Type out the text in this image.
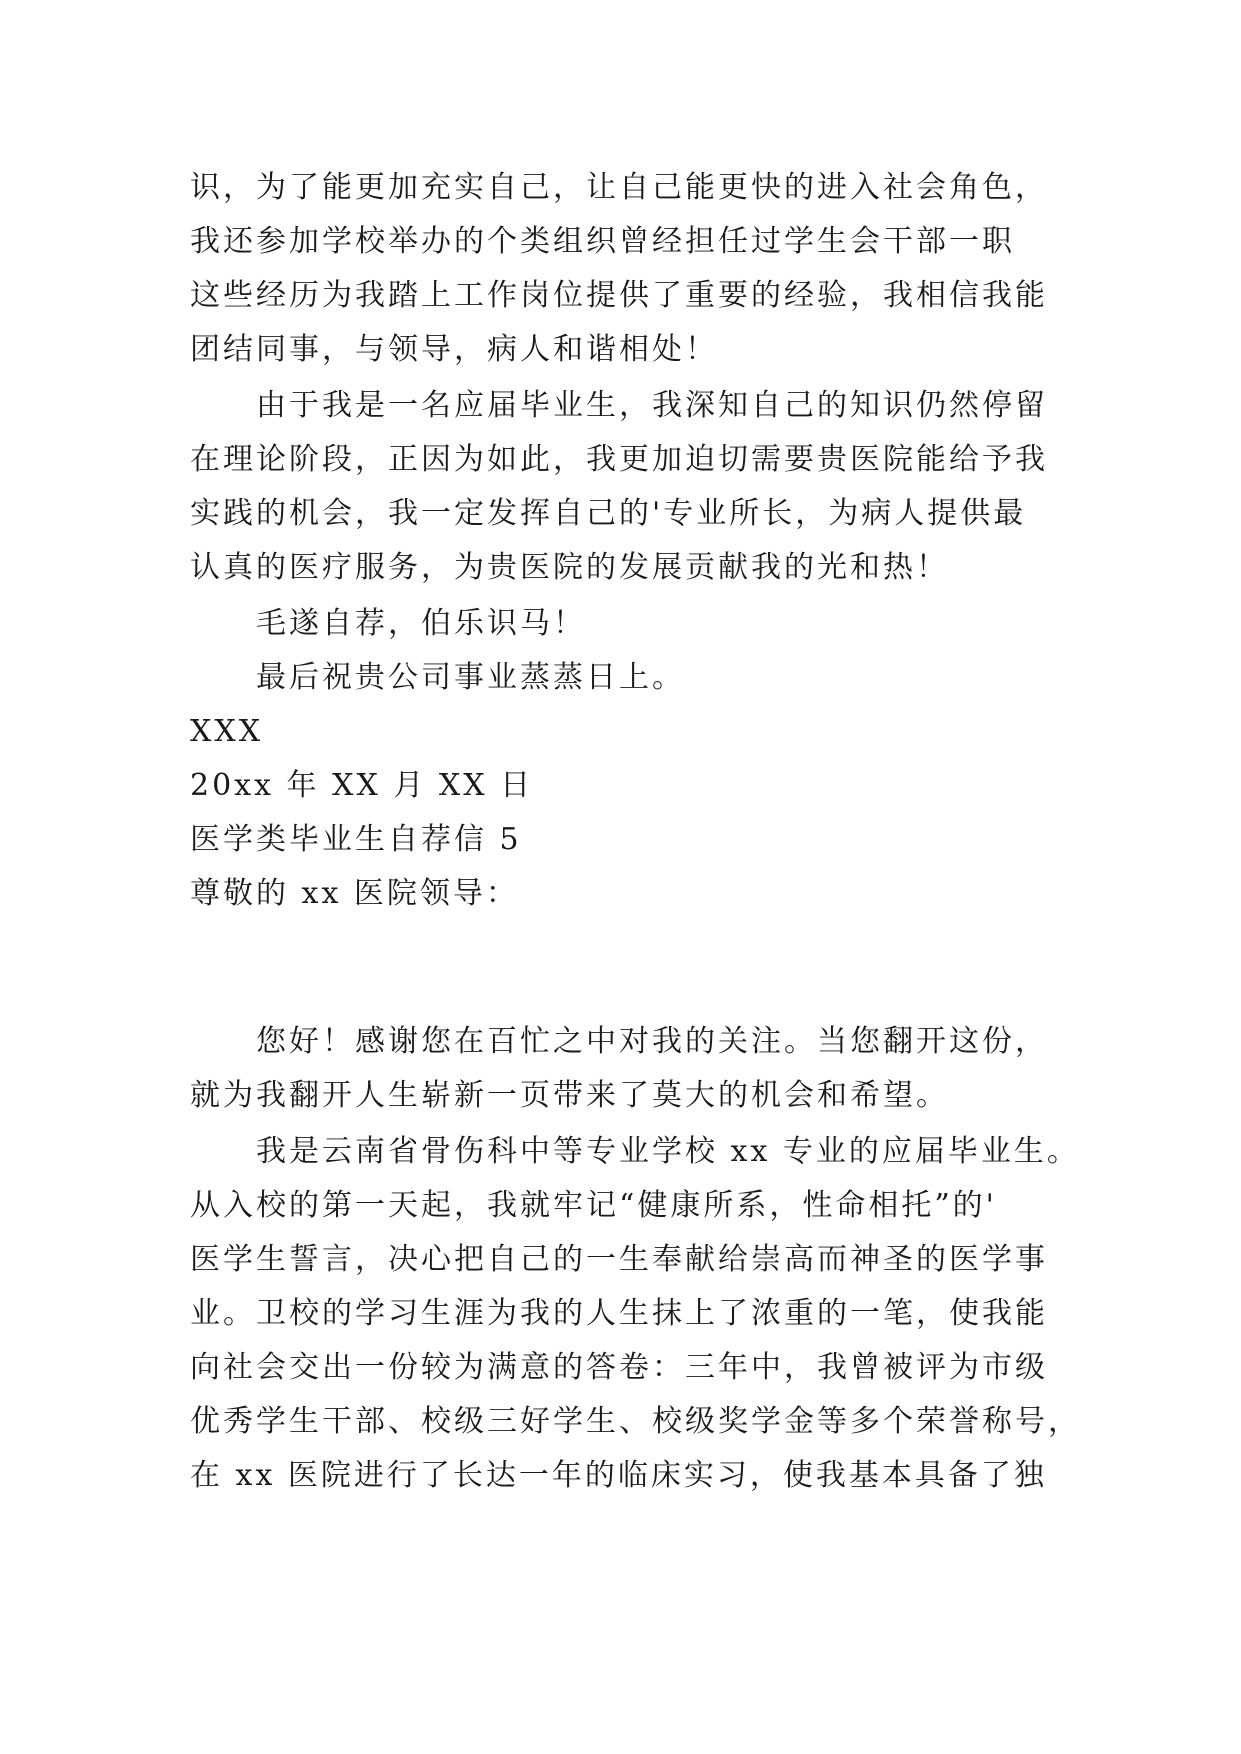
识，为了能更加充实自己，让自己能更快的进入社会角色，
我还参加学校举办的个类组织曾经担任过学生会干部一职
这些经历为我踏上工作岗位提供了重要的经验，我相信我能
团结同事，与领导，病人和谐相处！
由于我是一名应届毕业生，我深知自己的知识仍然停留
在理论阶段，正因为如此，我更加迫切需要贵医院能给予我
实践的机会，我一定发挥自己的'专业所长，为病人提供最
认真的医疗服务，为贵医院的发展贡献我的光和热！
毛遂自荐，伯乐识马！
最后祝贵公司事业蒸蒸日上。
XXX
20xx 年 XX 月 XX 日
医学类毕业生自荐信 5
尊敬的 xx 医院领导：
您好！感谢您在百忙之中对我的关注。当您翻开这份，
就为我翻开人生崭新一页带来了莫大的机会和希望。
我是云南省骨伤科中等专业学校 xx 专业的应届毕业生。
从入校的第一天起，我就牢记“健康所系，性命相托”的'
医学生誓言，决心把自己的一生奉献给崇高而神圣的医学事
业。卫校的学习生涯为我的人生抹上了浓重的一笔，使我能
向社会交出一份较为满意的答卷：三年中，我曾被评为市级
优秀学生干部、校级三好学生、校级奖学金等多个荣誉称号，
在 xx 医院进行了长达一年的临床实习，使我基本具备了独
